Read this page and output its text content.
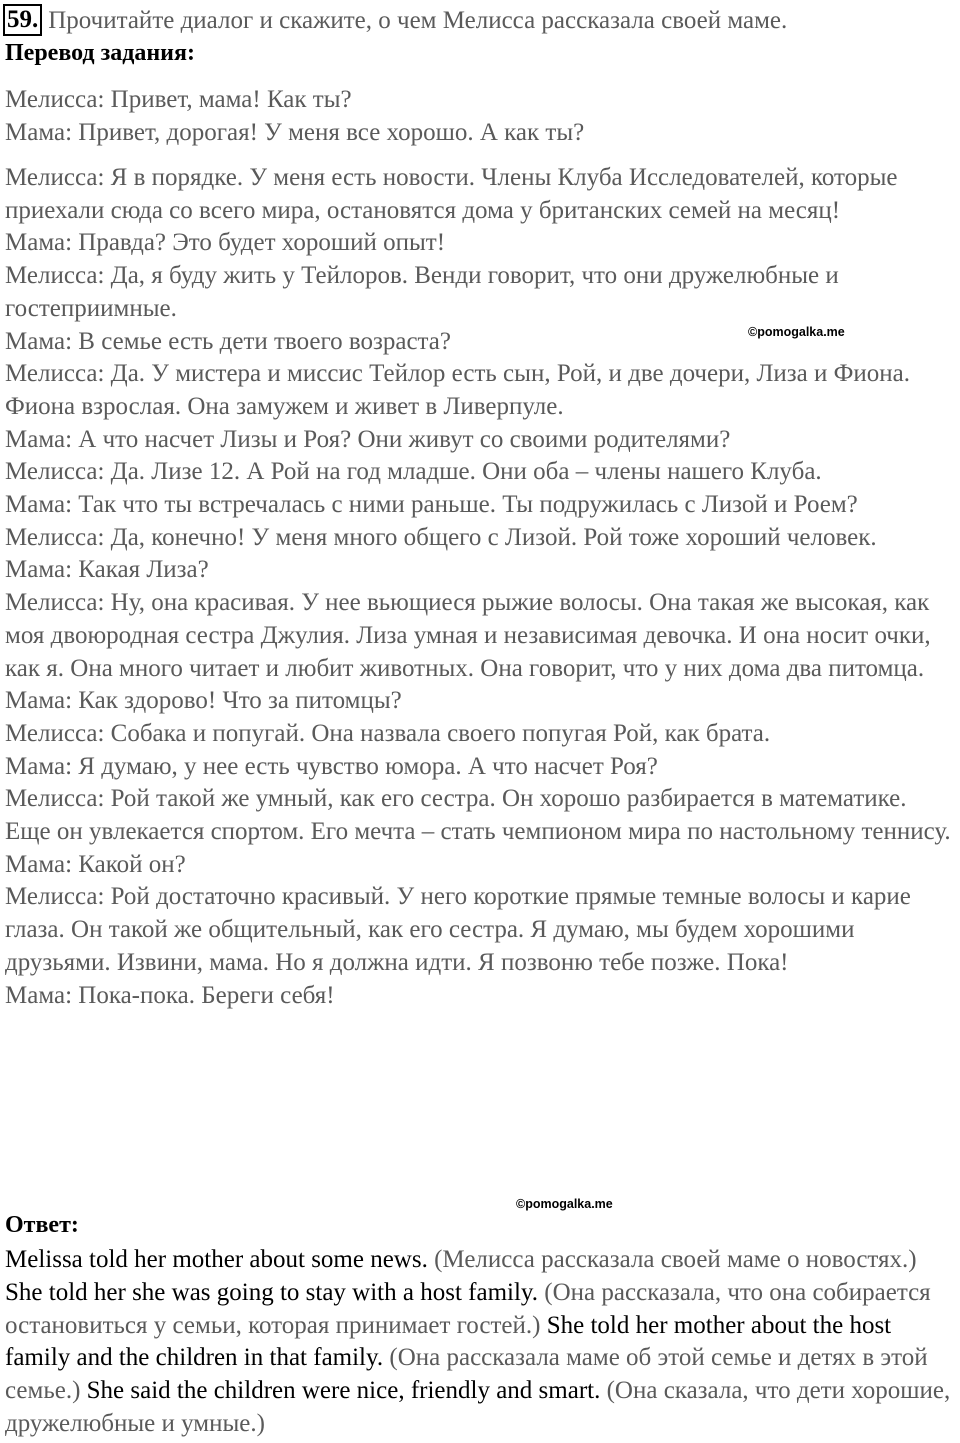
59. Прочитайте диалог и скажите, о чем Мелисса рассказала своей маме.
Перевод задания:

Мелисса: Привет, мама! Как ты?

Мама: Привет, дорогая! У меня все хорошо. А как ты?

Мелисса: Я в порядке. У меня есть новости. Члены Клуба Исследователей, которые приехали сюда со всего мира, остановятся дома у британских семей на месяц!

Мама: Правда? Это будет хороший опыт!

Мелисса: Да, я буду жить у Тейлоров. Венди говорит, что они дружелюбные и гостеприимные.

Мама: В семье есть дети твоего возраста?

Мелисса: Да. У мистера и миссис Тейлор есть сын, Рой, и две дочери, Лиза и Фиона. Фиона взрослая. Она замужем и живет в Ливерпуле.

Мама: А что насчет Лизы и Роя? Они живут со своими родителями?

Мелисса: Да. Лизе 12. А Рой на год младше. Они оба – члены нашего Клуба.

Мама: Так что ты встречалась с ними раньше. Ты подружилась с Лизой и Роем?

Мелисса: Да, конечно! У меня много общего с Лизой. Рой тоже хороший человек.

Мама: Какая Лиза?

Мелисса: Ну, она красивая. У нее вьющиеся рыжие волосы. Она такая же высокая, как моя двоюродная сестра Джулия. Лиза умная и независимая девочка. И она носит очки, как я. Она много читает и любит животных. Она говорит, что у них дома два питомца.

Мама: Как здорово! Что за питомцы?

Мелисса: Собака и попугай. Она назвала своего попугая Рой, как брата.

Мама: Я думаю, у нее есть чувство юмора. А что насчет Роя?

Мелисса: Рой такой же умный, как его сестра. Он хорошо разбирается в математике. Еще он увлекается спортом. Его мечта – стать чемпионом мира по настольному теннису.

Мама: Какой он?

Мелисса: Рой достаточно красивый. У него короткие прямые темные волосы и карие глаза. Он такой же общительный, как его сестра. Я думаю, мы будем хорошими друзьями. Извини, мама. Но я должна идти. Я позвоню тебе позже. Пока!

Мама: Пока-пока. Береги себя!

©pomogalka.me
©pomogalka.me
Ответ:

Melissa told her mother about some news. (Мелисса рассказала своей маме о новостях.) She told her she was going to stay with a host family. (Она рассказала, что она собирается остановиться у семьи, которая принимает гостей.) She told her mother about the host family and the children in that family. (Она рассказала маме об этой семье и детях в этой семье.) She said the children were nice, friendly and smart. (Она сказала, что дети хорошие, дружелюбные и умные.)
